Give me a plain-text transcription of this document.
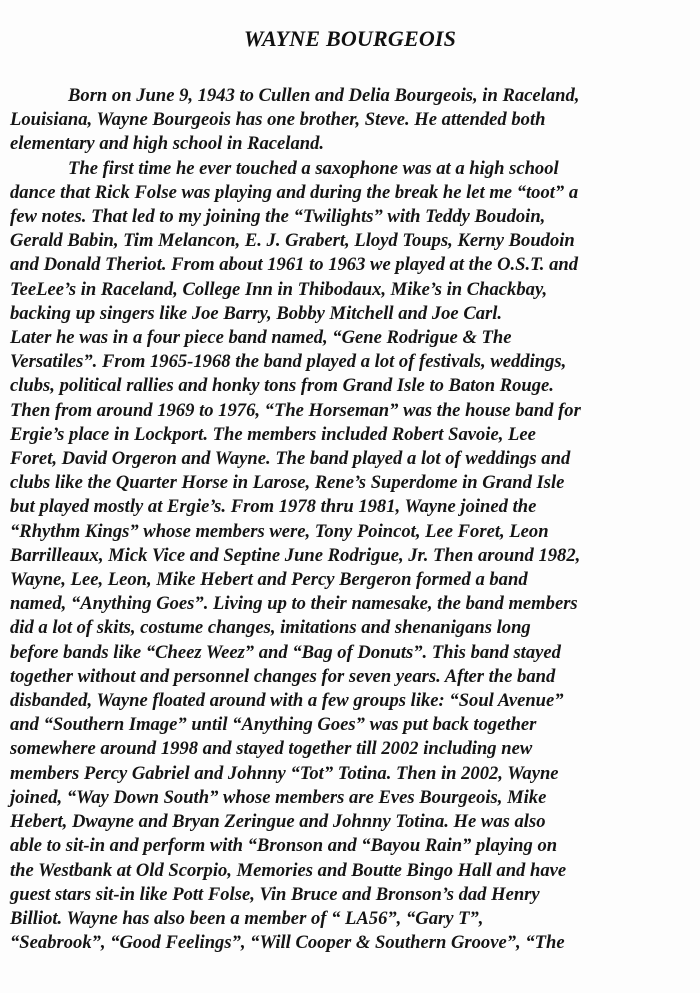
WAYNE BOURGEOIS
Born on June 9, 1943 to Cullen and Delia Bourgeois, in Raceland,
Louisiana, Wayne Bourgeois has one brother, Steve. He attended both
elementary and high school in Raceland.
The first time he ever touched a saxophone was at a high school
dance that Rick Folse was playing and during the break he let me “toot” a
few notes. That led to my joining the “Twilights” with Teddy Boudoin,
Gerald Babin, Tim Melancon, E. J. Grabert, Lloyd Toups, Kerny Boudoin
and Donald Theriot. From about 1961 to 1963 we played at the O.S.T. and
TeeLee’s in Raceland, College Inn in Thibodaux, Mike’s in Chackbay,
backing up singers like Joe Barry, Bobby Mitchell and Joe Carl.
Later he was in a four piece band named, “Gene Rodrigue & The
Versatiles”. From 1965-1968 the band played a lot of festivals, weddings,
clubs, political rallies and honky tons from Grand Isle to Baton Rouge.
Then from around 1969 to 1976, “The Horseman” was the house band for
Ergie’s place in Lockport. The members included Robert Savoie, Lee
Foret, David Orgeron and Wayne. The band played a lot of weddings and
clubs like the Quarter Horse in Larose, Rene’s Superdome in Grand Isle
but played mostly at Ergie’s. From 1978 thru 1981, Wayne joined the
“Rhythm Kings” whose members were, Tony Poincot, Lee Foret, Leon
Barrilleaux, Mick Vice and Septine June Rodrigue, Jr. Then around 1982,
Wayne, Lee, Leon, Mike Hebert and Percy Bergeron formed a band
named, “Anything Goes”. Living up to their namesake, the band members
did a lot of skits, costume changes, imitations and shenanigans long
before bands like “Cheez Weez” and “Bag of Donuts”. This band stayed
together without and personnel changes for seven years. After the band
disbanded, Wayne floated around with a few groups like: “Soul Avenue”
and “Southern Image” until “Anything Goes” was put back together
somewhere around 1998 and stayed together till 2002 including new
members Percy Gabriel and Johnny “Tot” Totina. Then in 2002, Wayne
joined, “Way Down South” whose members are Eves Bourgeois, Mike
Hebert, Dwayne and Bryan Zeringue and Johnny Totina. He was also
able to sit-in and perform with “Bronson and “Bayou Rain” playing on
the Westbank at Old Scorpio, Memories and Boutte Bingo Hall and have
guest stars sit-in like Pott Folse, Vin Bruce and Bronson’s dad Henry
Billiot. Wayne has also been a member of “ LA56”, “Gary T”,
“Seabrook”, “Good Feelings”, “Will Cooper & Southern Groove”, “The
